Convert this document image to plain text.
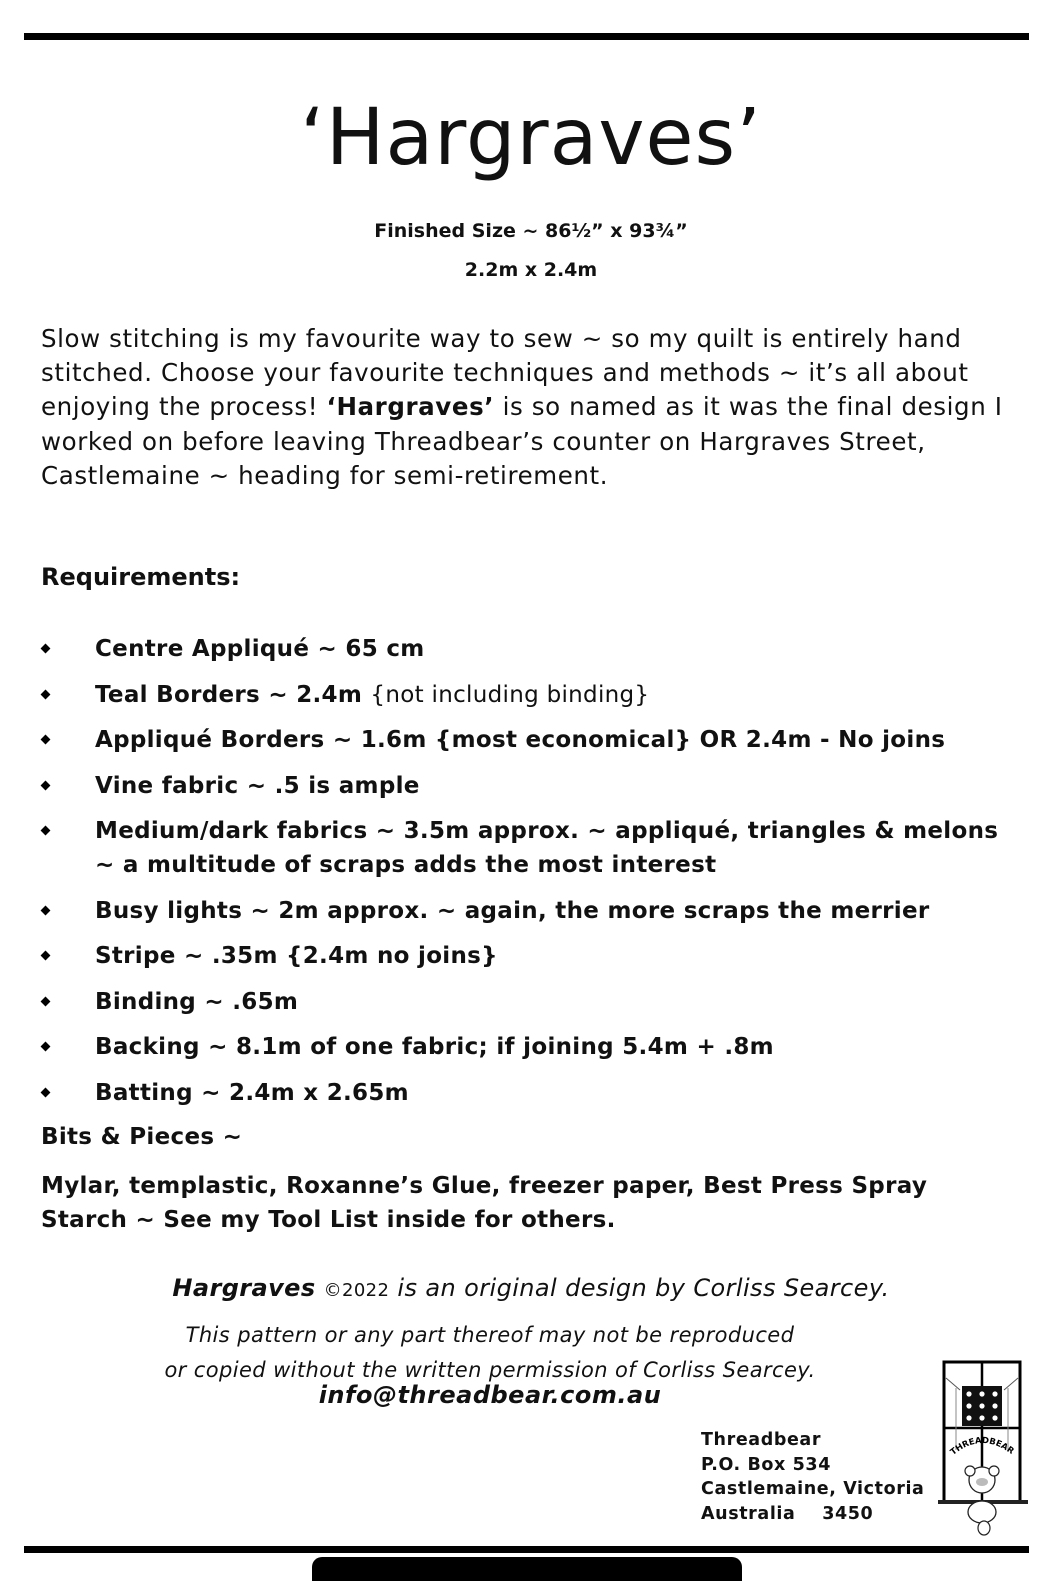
‘Hargraves’
Finished Size ~ 86½” x 93¾”
2.2m x 2.4m

Slow stitching is my favourite way to sew ~ so my quilt is entirely hand stitched. Choose your favourite techniques and methods ~ it’s all about enjoying the process! ‘Hargraves’ is so named as it was the final design I worked on before leaving Threadbear’s counter on Hargraves Street, Castlemaine ~ heading for semi-retirement.

Requirements:
Centre Appliqué ~ 65 cm
Teal Borders ~ 2.4m {not including binding}
Appliqué Borders ~ 1.6m {most economical} OR 2.4m - No joins
Vine fabric ~ .5 is ample
Medium/dark fabrics ~ 3.5m approx. ~ appliqué, triangles & melons ~ a multitude of scraps adds the most interest
Busy lights ~ 2m approx. ~ again, the more scraps the merrier
Stripe ~ .35m {2.4m no joins}
Binding ~ .65m
Backing ~ 8.1m of one fabric; if joining 5.4m + .8m
Batting ~ 2.4m x 2.65m
Bits & Pieces ~

Mylar, templastic, Roxanne’s Glue, freezer paper, Best Press Spray Starch ~ See my Tool List inside for others.

Hargraves ©2022 is an original design by Corliss Searcey.
This pattern or any part thereof may not be reproduced
or copied without the written permission of Corliss Searcey.
info@threadbear.com.au
Threadbear
P.O. Box 534
Castlemaine, Victoria
Australia    3450
THREADBEAR
